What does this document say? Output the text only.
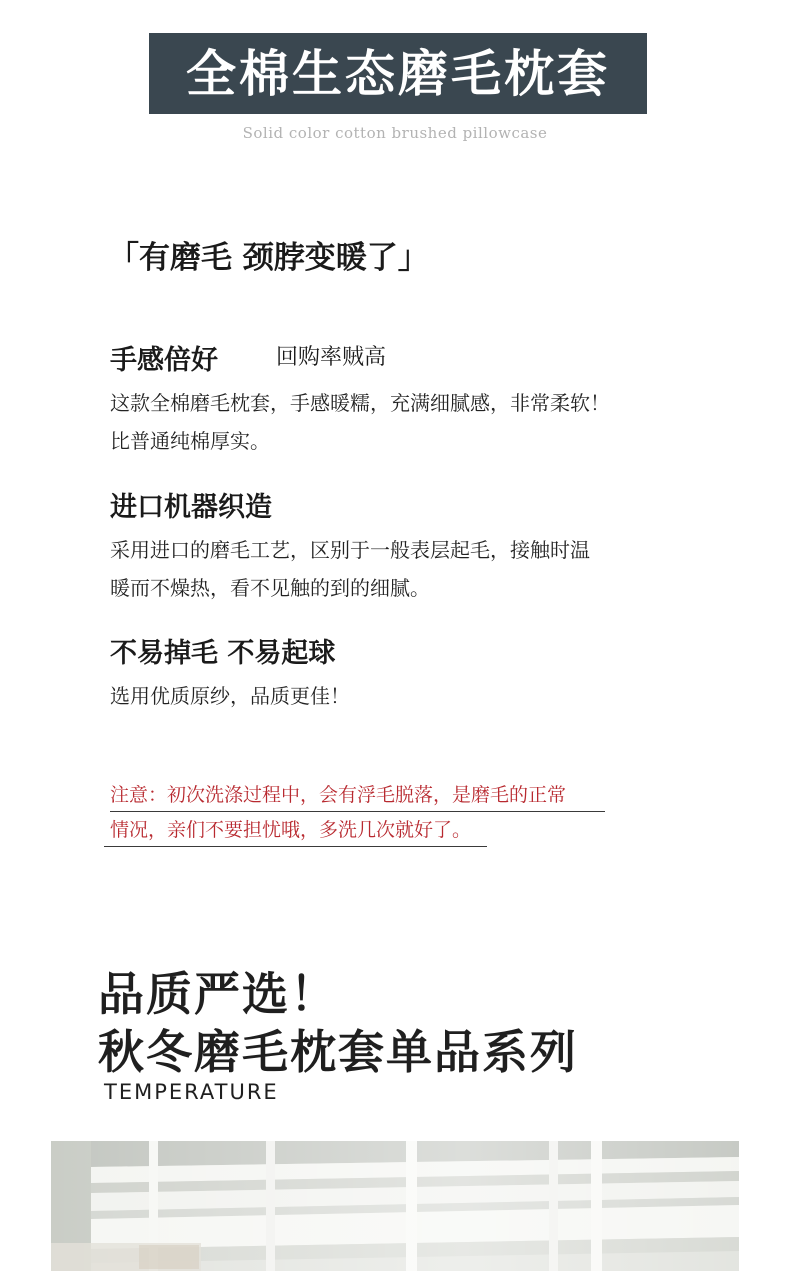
全棉生态磨毛枕套
Solid color cotton brushed pillowcase
「有磨毛 颈脖变暖了」
手感倍好	回购率贼高
这款全棉磨毛枕套，手感暖糯，充满细腻感，非常柔软！
比普通纯棉厚实。
进口机器织造
采用进口的磨毛工艺，区别于一般表层起毛，接触时温
暖而不燥热，看不见触的到的细腻。
不易掉毛 不易起球
选用优质原纱，品质更佳！
注意：初次洗涤过程中，会有浮毛脱落，是磨毛的正常
情况，亲们不要担忧哦，多洗几次就好了。
品质严选！
秋冬磨毛枕套单品系列
TEMPERATURE
